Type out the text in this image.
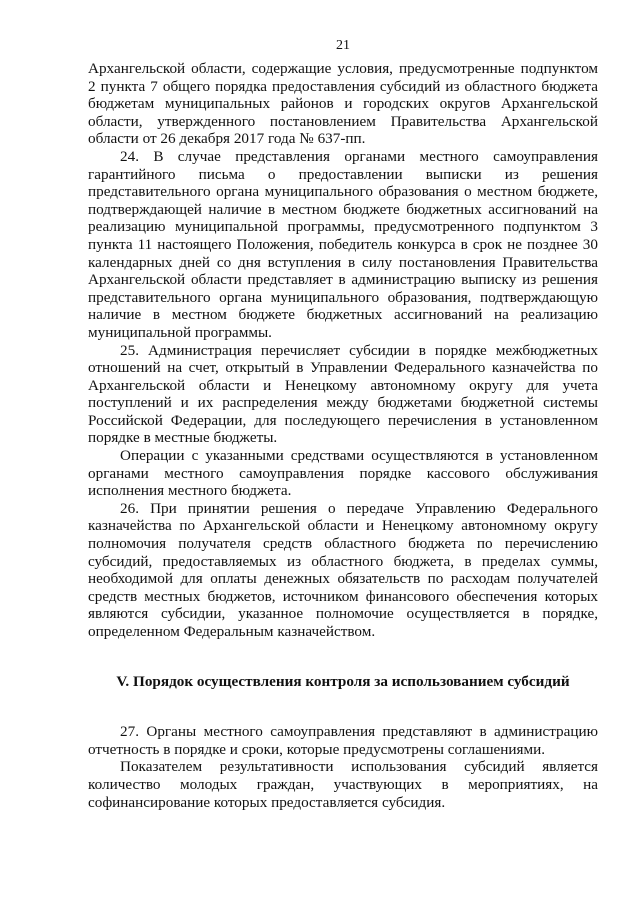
21

Архангельской области, содержащие условия, предусмотренные подпунктом 2 пункта 7 общего порядка предоставления субсидий из областного бюджета бюджетам муниципальных районов и городских округов Архангельской области, утвержденного постановлением Правительства Архангельской области от 26 декабря 2017 года № 637-пп.

24. В случае представления органами местного самоуправления гарантийного письма о предоставлении выписки из решения представительного органа муниципального образования о местном бюджете, подтверждающей наличие в местном бюджете бюджетных ассигнований на реализацию муниципальной программы, предусмотренного подпунктом 3 пункта 11 настоящего Положения, победитель конкурса в срок не позднее 30 календарных дней со дня вступления в силу постановления Правительства Архангельской области представляет в администрацию выписку из решения представительного органа муниципального образования, подтверждающую наличие в местном бюджете бюджетных ассигнований на реализацию муниципальной программы.

25. Администрация перечисляет субсидии в порядке межбюджетных отношений на счет, открытый в Управлении Федерального казначейства по Архангельской области и Ненецкому автономному округу для учета поступлений и их распределения между бюджетами бюджетной системы Российской Федерации, для последующего перечисления в установленном порядке в местные бюджеты.

Операции с указанными средствами осуществляются в установленном органами местного самоуправления порядке кассового обслуживания исполнения местного бюджета.

26. При принятии решения о передаче Управлению Федерального казначейства по Архангельской области и Ненецкому автономному округу полномочия получателя средств областного бюджета по перечислению субсидий, предоставляемых из областного бюджета, в пределах суммы, необходимой для оплаты денежных обязательств по расходам получателей средств местных бюджетов, источником финансового обеспечения которых являются субсидии, указанное полномочие осуществляется в порядке, определенном Федеральным казначейством.

V. Порядок осуществления контроля за использованием субсидий

27. Органы местного самоуправления представляют в администрацию отчетность в порядке и сроки, которые предусмотрены соглашениями.

Показателем результативности использования субсидий является количество молодых граждан, участвующих в мероприятиях, на софинансирование которых предоставляется субсидия.
